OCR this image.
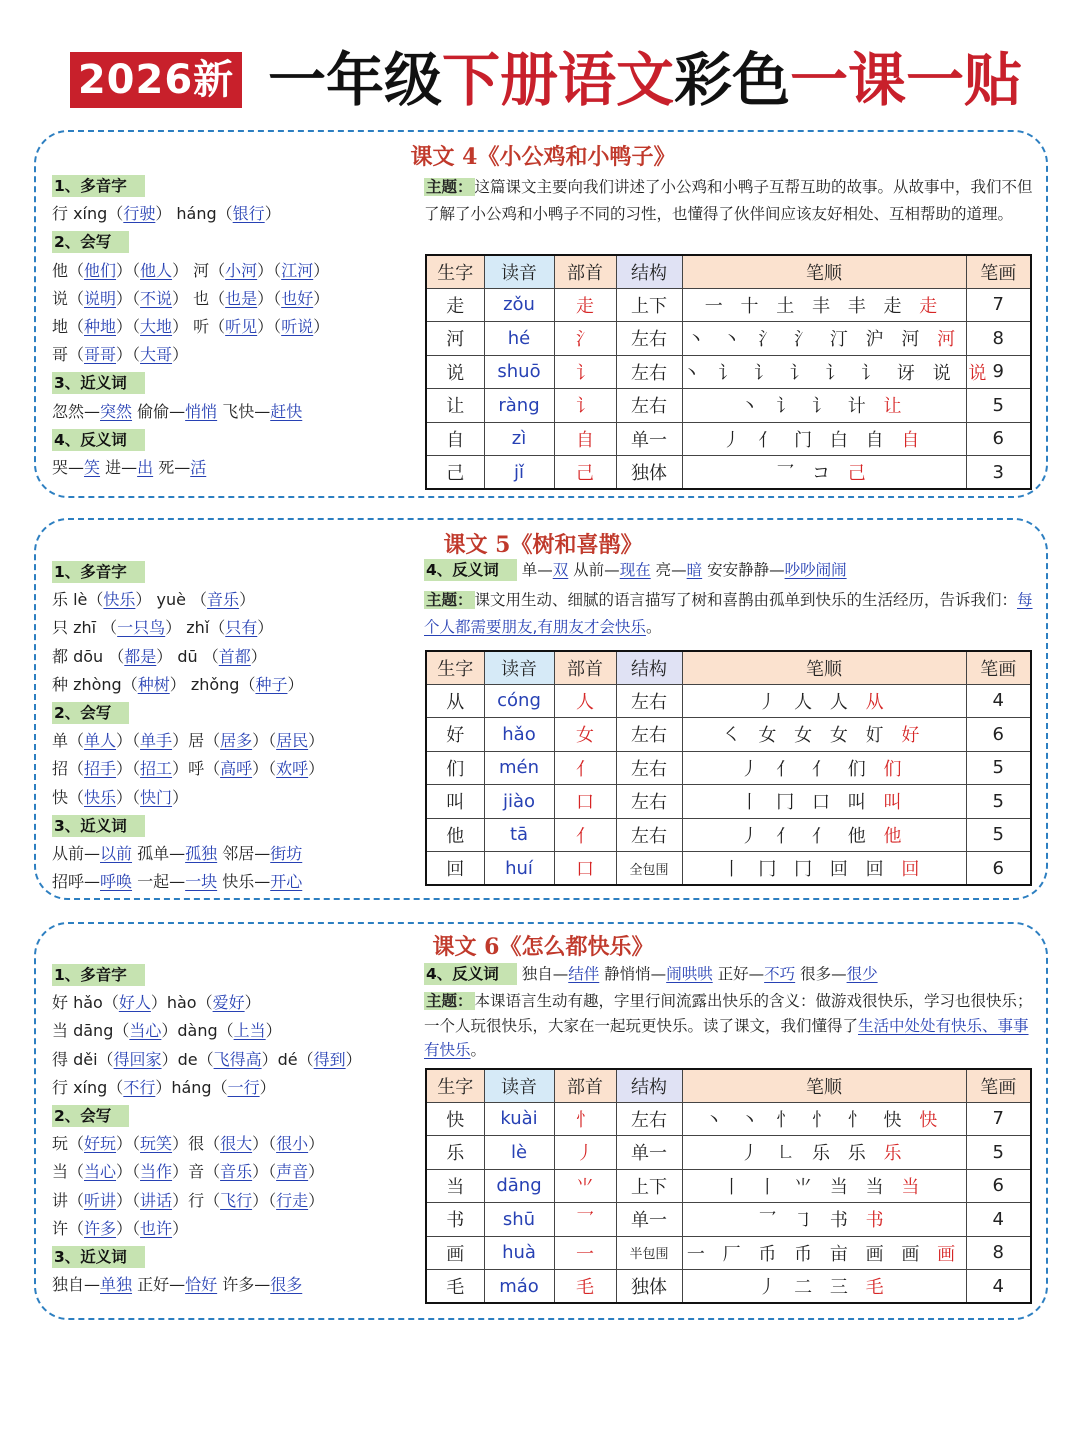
2026新 一年级下册语文彩色一课一贴
课文 4《小公鸡和小鸭子》
1、多音字
行 xíng（行驶） háng（银行）
2、会写
他（他们）（他人） 河（小河）（江河）
说（说明）（不说） 也（也是）（也好）
地（种地）（大地） 听（听见）（听说）
哥（哥哥）（大哥）
3、近义词
忽然—突然 偷偷—悄悄 飞快—赶快
4、反义词
哭—笑 进—出 死—活
主题： 这篇课文主要向我们讲述了小公鸡和小鸭子互帮互助的故事。从故事中，我们不但了解了小公鸡和小鸭子不同的习性，也懂得了伙伴间应该友好相处、互相帮助的道理。
生字	读音	部首	结构	笔顺	笔画
走	zǒu	走	上下	一 十 土 丰 丰 走 走	7
河	hé	氵	左右	丶 丶 氵 氵 汀 沪 河 河	8
说	shuō	讠	左右	丶 讠 讠 讠 讠 讠 讶 说 说	9
让	ràng	讠	左右	丶 讠 讠 计 让	5
自	zì	自	单一	丿 亻 门 白 自 自	6
己	jǐ	己	独体	乛 コ 己	3
课文 5《树和喜鹊》
1、多音字
乐 lè（快乐） yuè （音乐）
只 zhī （一只鸟） zhǐ（只有）
都 dōu （都是） dū （首都）
种 zhòng（种树） zhǒng（种子）
2、会写
单（单人）（单手）居（居多）（居民）
招（招手）（招工）呼（高呼）（欢呼）
快（快乐）（快门）
3、近义词
从前—以前 孤单—孤独 邻居—街坊
招呼—呼唤 一起—一块 快乐—开心
4、反义词 单—双 从前—现在 亮—暗 安安静静—吵吵闹闹
主题： 课文用生动、细腻的语言描写了树和喜鹊由孤单到快乐的生活经历，告诉我们：每个人都需要朋友,有朋友才会快乐。
生字	读音	部首	结构	笔顺	笔画
从	cóng	人	左右	丿 人 人 从	4
好	hǎo	女	左右	㇛ 女 女 女 奵 好	6
们	mén	亻	左右	丿 亻 亻 们 们	5
叫	jiào	口	左右	丨 冂 口 叫 叫	5
他	tā	亻	左右	丿 亻 亻 他 他	5
回	huí	口	全包围	丨 冂 冂 回 回 回	6
课文 6《怎么都快乐》
1、多音字
好 hǎo（好人）hào（爱好）
当 dāng（当心）dàng（上当）
得 děi（得回家）de（飞得高）dé（得到）
行 xíng（不行）háng（一行）
2、会写
玩（好玩）（玩笑）很（很大）（很小）
当（当心）（当作）音（音乐）（声音）
讲（听讲）（讲话）行（飞行）（行走）
许（许多）（也许）
3、近义词
独自—单独 正好—恰好 许多—很多
4、反义词 独自—结伴 静悄悄—闹哄哄 正好—不巧 很多—很少
主题： 本课语言生动有趣，字里行间流露出快乐的含义：做游戏很快乐，学习也很快乐；一个人玩很快乐，大家在一起玩更快乐。读了课文，我们懂得了生活中处处有快乐、事事有快乐。
生字	读音	部首	结构	笔顺	笔画
快	kuài	忄	左右	丶 丶 忄 忄 忄 快 快	7
乐	lè	丿	单一	丿 ㇗ 乐 乐 乐	5
当	dāng	⺌	上下	丨 丨 ⺌ 当 当 当	6
书	shū	乛	单一	乛 ㇆ 书 书	4
画	huà	一	半包围	一 厂 币 币 亩 画 画 画	8
毛	máo	毛	独体	丿 二 三 毛	4
